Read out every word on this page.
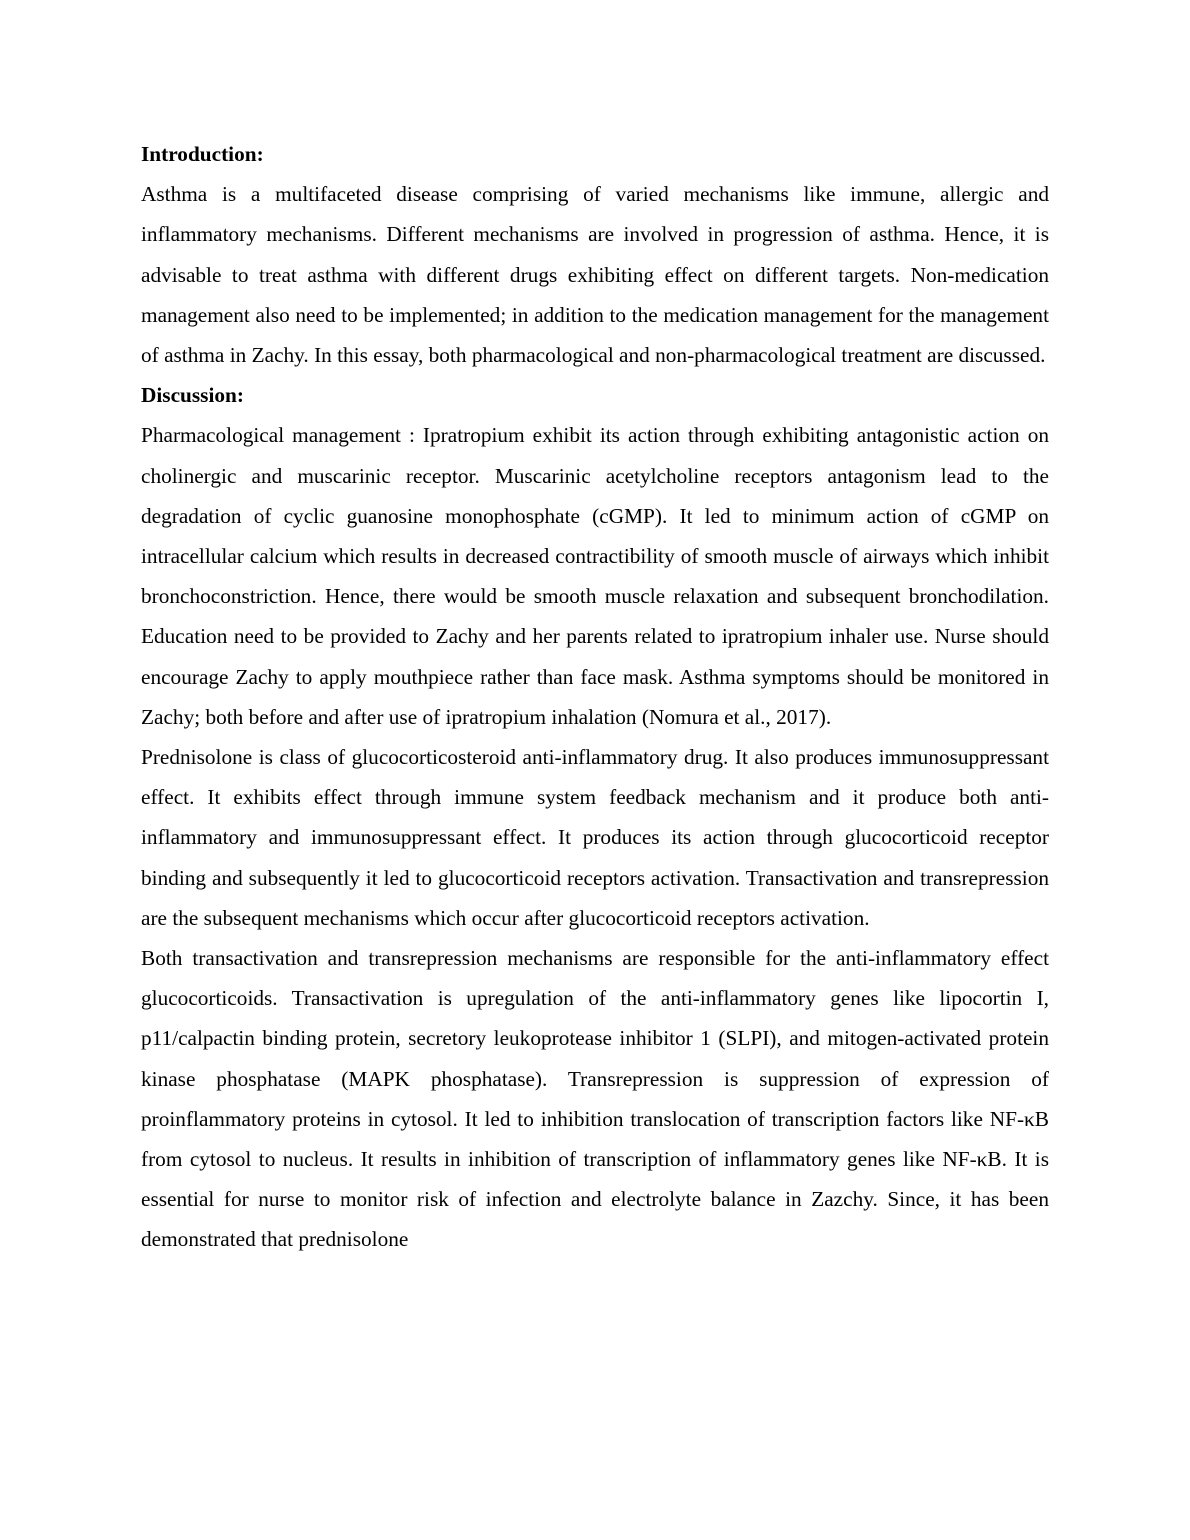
Introduction:

Asthma is a multifaceted disease comprising of varied mechanisms like immune, allergic and inflammatory mechanisms. Different mechanisms are involved in progression of asthma. Hence, it is advisable to treat asthma with different drugs exhibiting effect on different targets. Non-medication management also need to be implemented; in addition to the medication management for the management of asthma in Zachy. In this essay, both pharmacological and non-pharmacological treatment are discussed.

Discussion:

Pharmacological management : Ipratropium exhibit its action through exhibiting antagonistic action on cholinergic and muscarinic receptor. Muscarinic acetylcholine receptors antagonism lead to the degradation of cyclic guanosine monophosphate (cGMP). It led to minimum action of cGMP on intracellular calcium which results in decreased contractibility of smooth muscle of airways which inhibit bronchoconstriction. Hence, there would be smooth muscle relaxation and subsequent bronchodilation. Education need to be provided to Zachy and her parents related to ipratropium inhaler use. Nurse should encourage Zachy to apply mouthpiece rather than face mask. Asthma symptoms should be monitored in Zachy; both before and after use of ipratropium inhalation (Nomura et al., 2017).

Prednisolone is class of glucocorticosteroid anti-inflammatory drug. It also produces immunosuppressant effect. It exhibits effect through immune system feedback mechanism and it produce both anti-inflammatory and immunosuppressant effect. It produces its action through glucocorticoid receptor binding and subsequently it led to glucocorticoid receptors activation. Transactivation and transrepression are the subsequent mechanisms which occur after glucocorticoid receptors activation.

Both transactivation and transrepression mechanisms are responsible for the anti-inflammatory effect glucocorticoids. Transactivation is upregulation of the anti-inflammatory genes like lipocortin I, p11/calpactin binding protein, secretory leukoprotease inhibitor 1 (SLPI), and mitogen-activated protein kinase phosphatase (MAPK phosphatase). Transrepression is suppression of expression of proinflammatory proteins in cytosol. It led to inhibition translocation of transcription factors like NF-κB from cytosol to nucleus. It results in inhibition of transcription of inflammatory genes like NF-κB. It is essential for nurse to monitor risk of infection and electrolyte balance in Zazchy. Since, it has been demonstrated that prednisolone
